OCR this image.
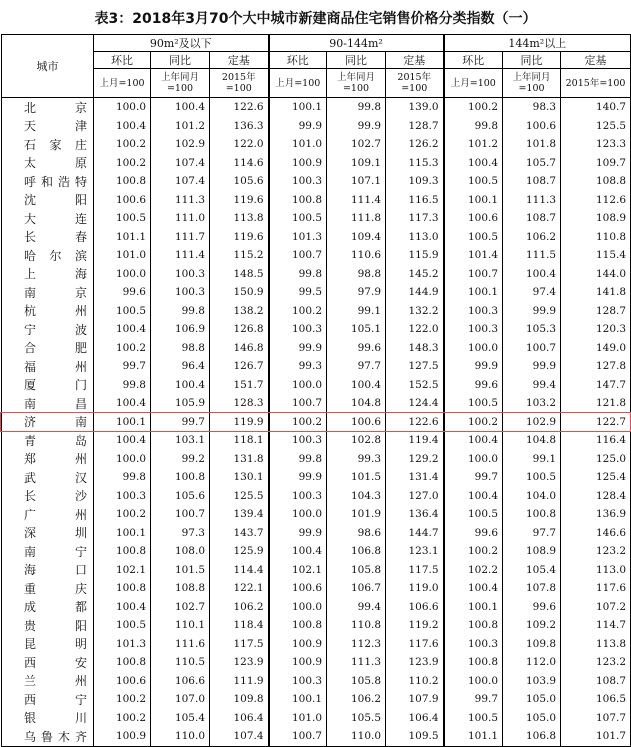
表3：2018年3月70个大中城市新建商品住宅销售价格分类指数（一）
城市	90m²及以下			90-144m²			144m²以上		
	环比	同比	定基	环比	同比	定基	环比	同比	定基
	上月=100	上年同月=100	2015年=100	上月=100	上年同月=100	2015年=100	上月=100	上年同月=100	2015年=100
北　京	100.0	100.4	122.6	100.1	99.8	139.0	100.2	98.3	140.7
天　津	100.4	101.2	136.3	99.9	99.9	128.7	99.8	100.6	125.5
石家庄	100.2	102.9	122.0	101.0	102.7	126.2	101.2	101.8	123.3
太　原	100.2	107.4	114.6	100.9	109.1	115.3	100.4	105.7	109.7
呼和浩特	100.8	107.4	105.6	100.3	107.1	109.3	100.5	108.7	108.8
沈　阳	100.6	111.3	119.6	100.8	111.4	116.5	100.1	111.3	112.6
大　连	100.5	111.0	113.8	100.5	111.8	117.3	100.6	108.7	108.9
长　春	101.1	111.7	119.6	101.3	109.4	113.0	100.5	106.2	110.8
哈尔滨	101.0	111.4	115.2	100.7	110.6	115.9	101.4	111.5	115.4
上　海	100.0	100.3	148.5	99.8	98.8	145.2	100.7	100.4	144.0
南　京	99.6	100.3	150.9	99.5	97.9	144.9	100.1	97.4	141.8
杭　州	100.5	99.8	138.2	100.2	99.1	132.2	100.3	99.9	128.7
宁　波	100.4	106.9	126.8	100.3	105.1	122.0	100.3	105.3	120.3
合　肥	100.2	98.8	146.8	99.9	99.6	148.3	100.0	100.7	149.0
福　州	99.7	96.4	126.7	99.3	97.7	127.5	99.9	99.9	127.8
厦　门	99.8	100.4	151.7	100.0	100.4	152.5	99.6	99.4	147.7
南　昌	100.4	105.9	128.3	100.7	104.8	124.4	100.5	103.2	121.8
济　南	100.1	99.7	119.9	100.2	100.6	122.6	100.2	102.9	122.7
青　岛	100.4	103.1	118.1	100.3	102.8	119.4	100.4	104.8	116.4
郑　州	100.0	99.2	131.8	99.8	99.3	129.2	100.0	99.1	125.0
武　汉	99.8	100.8	130.1	99.9	101.5	131.4	99.7	100.5	125.4
长　沙	100.3	105.6	125.5	100.3	104.3	127.0	100.4	104.0	128.4
广　州	100.2	100.7	139.4	100.0	101.9	136.4	100.5	100.8	136.9
深　圳	100.1	97.3	143.7	99.9	98.6	144.7	99.6	97.7	146.6
南　宁	100.8	108.0	125.9	100.4	106.8	123.1	100.2	108.9	123.2
海　口	102.1	101.5	114.4	102.1	105.8	117.5	102.2	105.4	113.0
重　庆	100.8	108.8	122.1	100.6	106.7	119.0	100.4	107.8	117.6
成　都	100.4	102.7	106.2	100.0	99.4	106.6	100.1	99.6	107.2
贵　阳	100.5	110.1	118.4	100.8	110.8	119.2	100.8	109.2	114.7
昆　明	101.3	111.6	117.5	100.9	112.3	117.6	100.3	109.8	113.8
西　安	100.8	110.5	123.9	100.9	111.3	123.9	100.8	112.0	123.2
兰　州	100.6	106.6	111.9	100.3	105.8	110.2	100.0	103.9	108.7
西　宁	100.2	107.0	109.8	100.1	106.2	107.9	99.7	105.0	106.5
银　川	100.2	105.4	106.4	101.0	105.5	106.4	100.5	105.0	107.7
乌鲁木齐	100.9	110.0	107.4	100.7	110.0	109.5	101.1	106.8	101.7
